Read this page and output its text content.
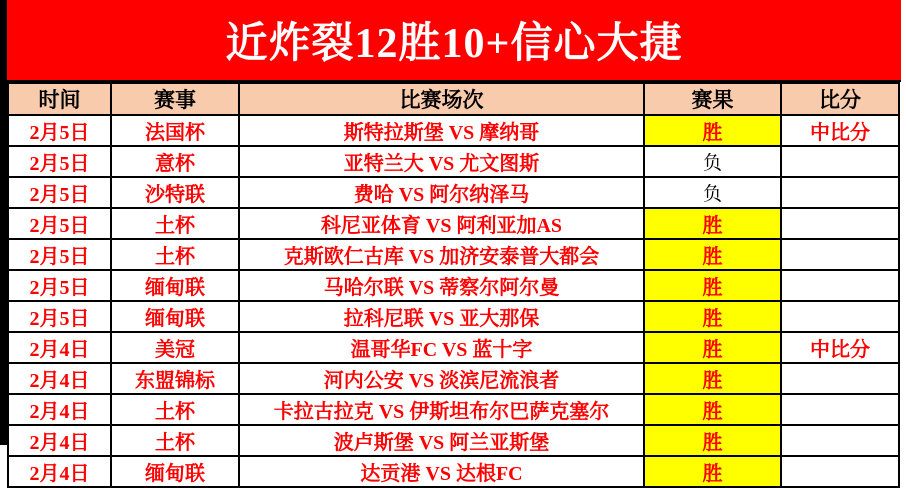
近炸裂12胜10+信心大捷
时间	赛事	比赛场次	赛果	比分
2月5日	法国杯	斯特拉斯堡 VS 摩纳哥	胜	中比分
2月5日	意杯	亚特兰大 VS 尤文图斯	负	
2月5日	沙特联	费哈 VS 阿尔纳泽马	负	
2月5日	土杯	科尼亚体育 VS 阿利亚加AS	胜	
2月5日	土杯	克斯欧仁古库 VS 加济安泰普大都会	胜	
2月5日	缅甸联	马哈尔联 VS 蒂察尔阿尔曼	胜	
2月5日	缅甸联	拉科尼联 VS 亚大那保	胜	
2月4日	美冠	温哥华FC VS 蓝十字	胜	中比分
2月4日	东盟锦标	河内公安 VS 淡滨尼流浪者	胜	
2月4日	土杯	卡拉古拉克 VS 伊斯坦布尔巴萨克塞尔	胜	
2月4日	土杯	波卢斯堡 VS 阿兰亚斯堡	胜	
2月4日	缅甸联	达贡港 VS 达根FC	胜	
